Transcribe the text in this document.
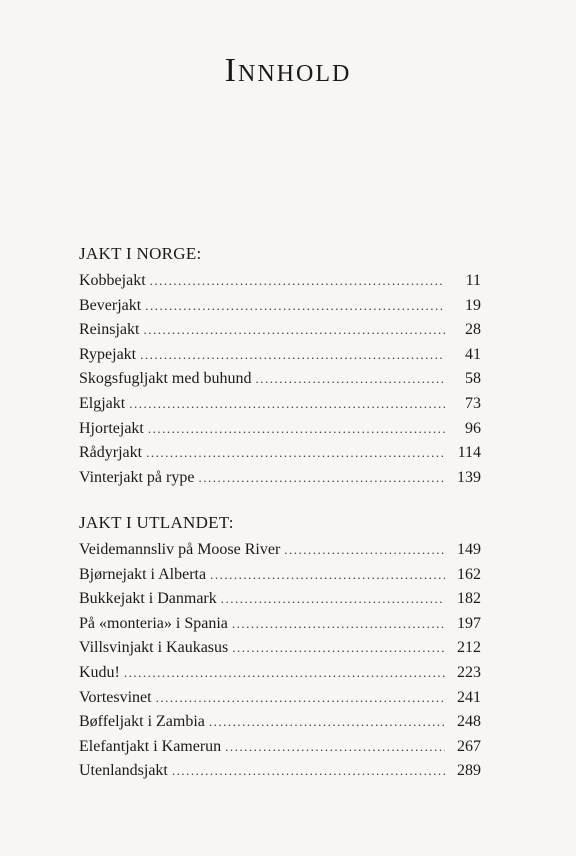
Innhold
JAKT I NORGE:
Kobbejakt .....	11
Beverjakt .....	19
Reinsjakt .....	28
Rypejakt .....	41
Skogsfugljakt med buhund .....	58
Elgjakt .....	73
Hjortejakt .....	96
Rådyrjakt .....	114
Vinterjakt på rype .....	139
JAKT I UTLANDET:
Veidemannsliv på Moose River .....	149
Bjørnejakt i Alberta .....	162
Bukkejakt i Danmark .....	182
På «monteria» i Spania .....	197
Villsvinjakt i Kaukasus .....	212
Kudu! .....	223
Vortesvinet .....	241
Bøffeljakt i Zambia .....	248
Elefantjakt i Kamerun .....	267
Utenlandsjakt .....	289
